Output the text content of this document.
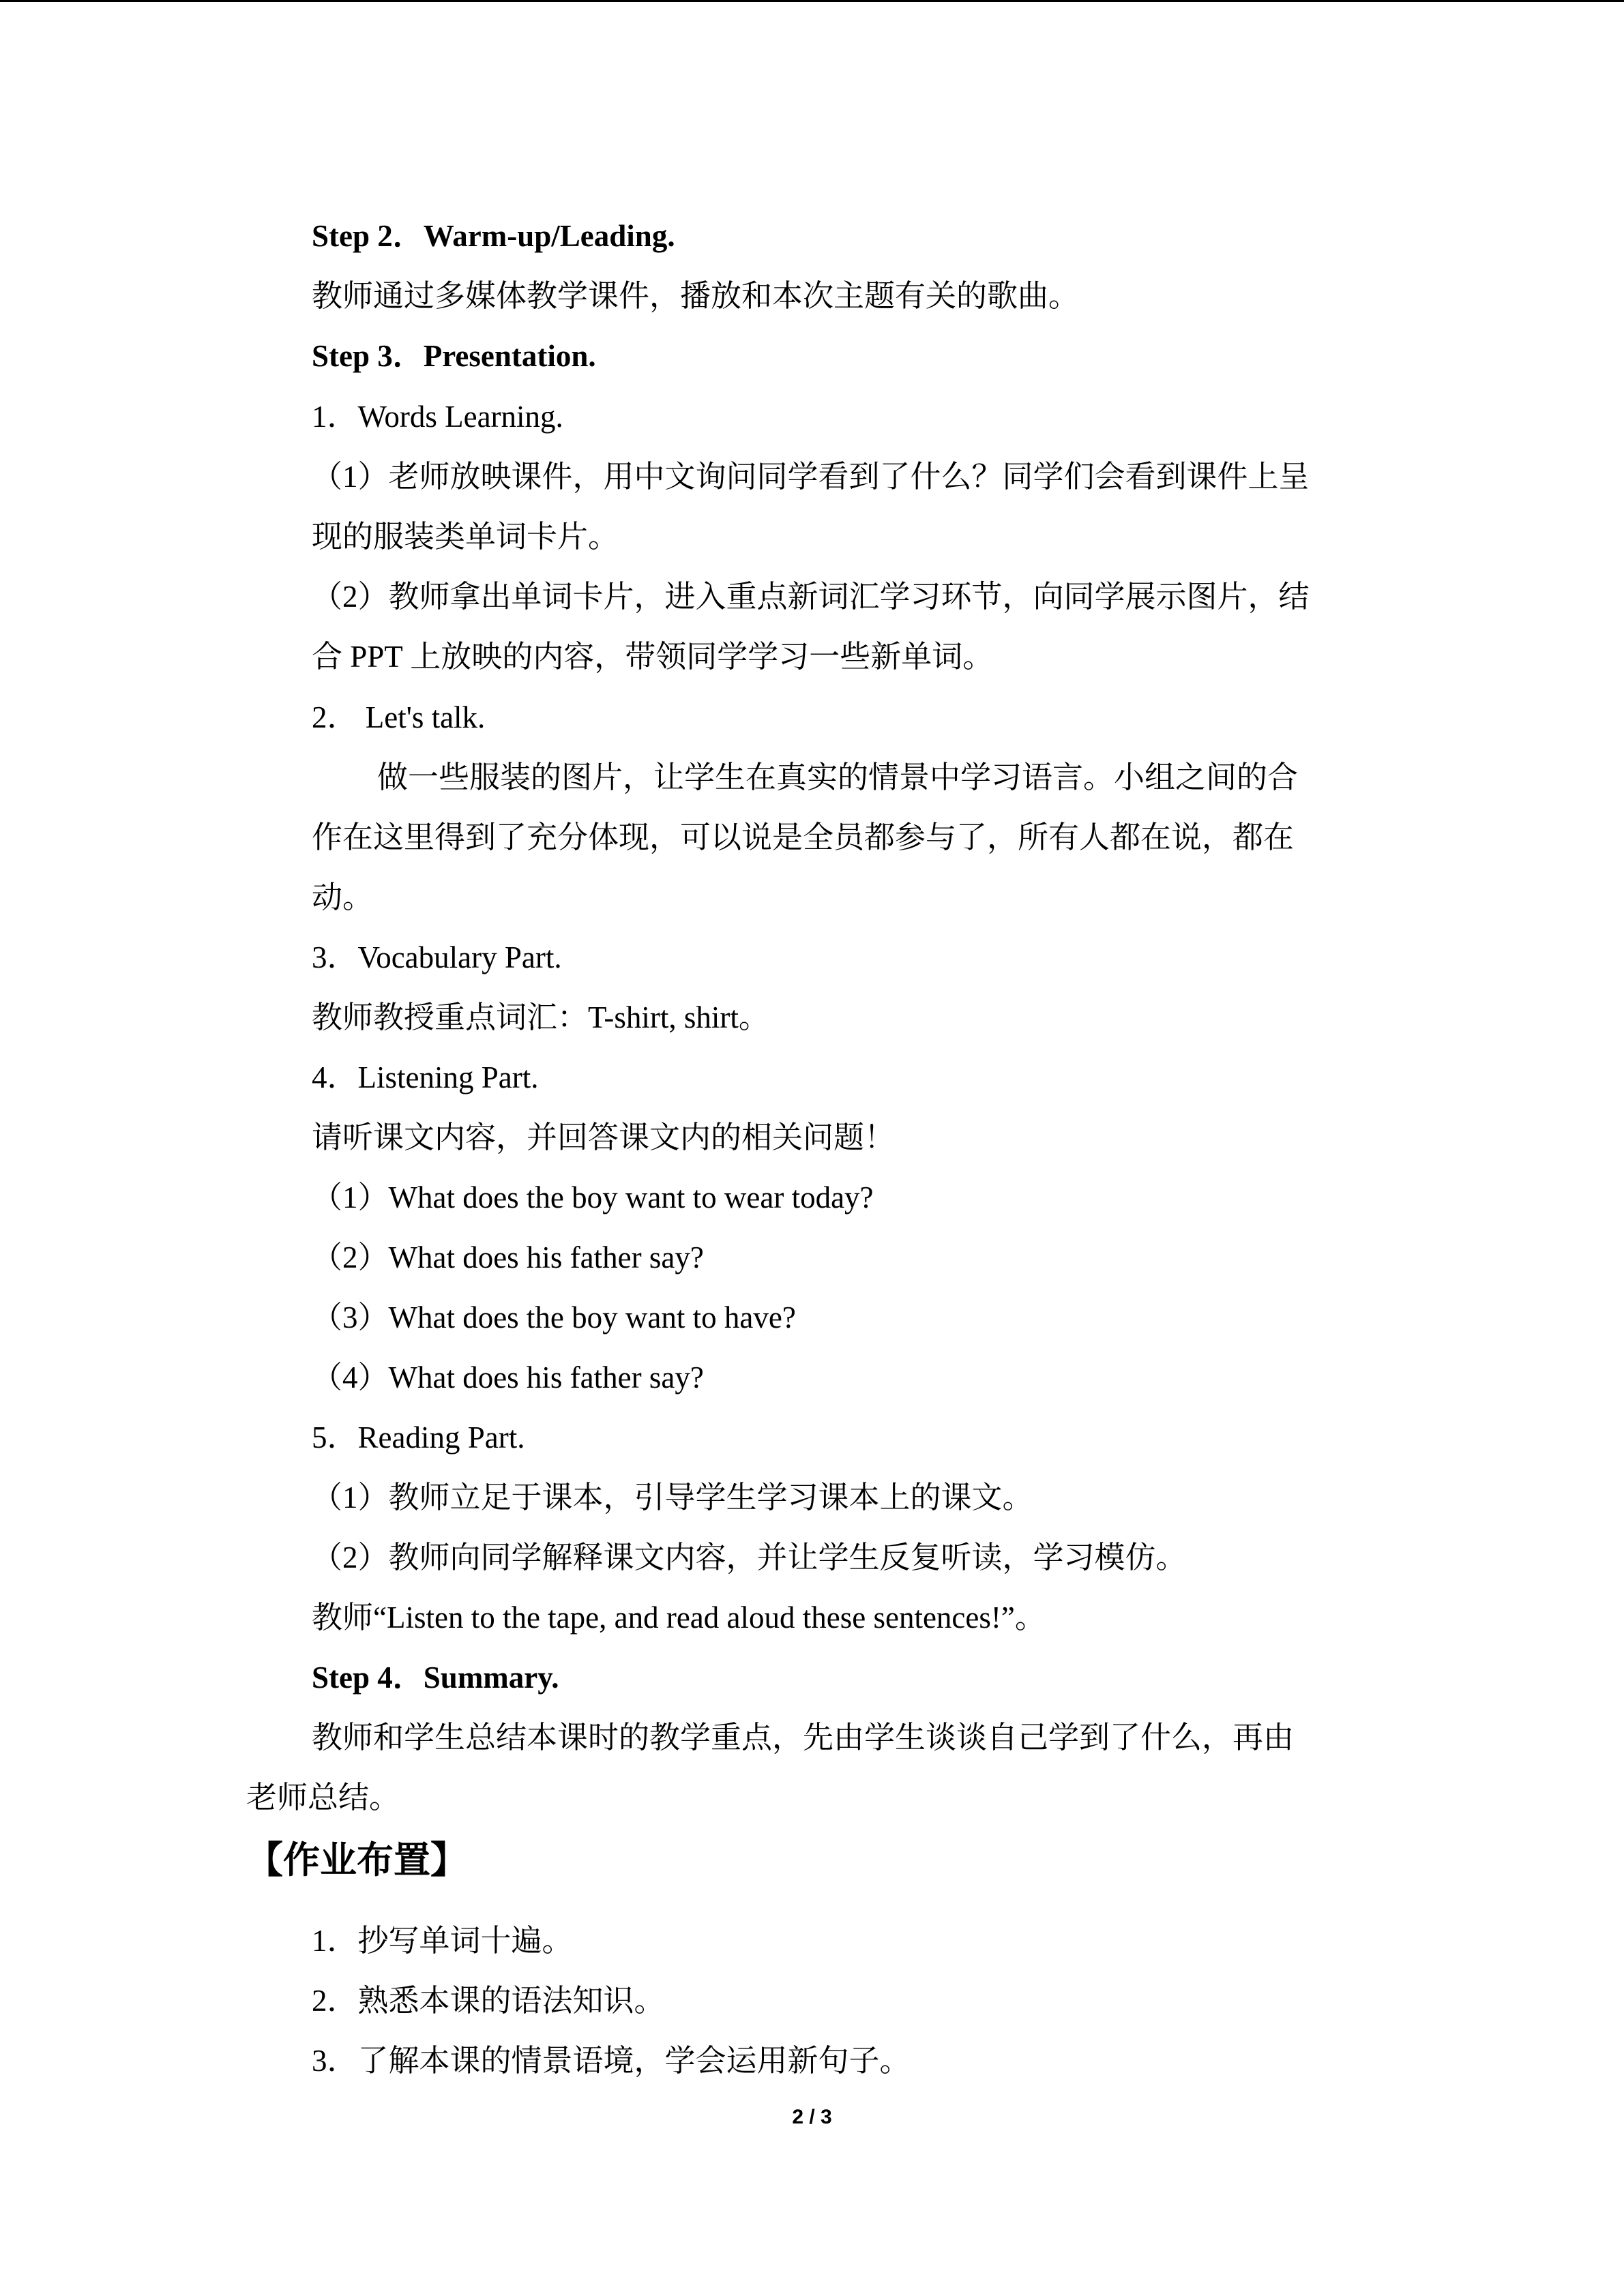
Step 2．Warm-up/Leading.
教师通过多媒体教学课件，播放和本次主题有关的歌曲。
Step 3．Presentation.
1．Words Learning.
（1）老师放映课件，用中文询问同学看到了什么？同学们会看到课件上呈
现的服装类单词卡片。
（2）教师拿出单词卡片，进入重点新词汇学习环节，向同学展示图片，结
合 PPT 上放映的内容，带领同学学习一些新单词。
2． Let's talk.
做一些服装的图片，让学生在真实的情景中学习语言。小组之间的合
作在这里得到了充分体现，可以说是全员都参与了，所有人都在说，都在
动。
3．Vocabulary Part.
教师教授重点词汇：T-shirt, shirt。
4．Listening Part.
请听课文内容，并回答课文内的相关问题！
（1）What does the boy want to wear today?
（2）What does his father say?
（3）What does the boy want to have?
（4）What does his father say?
5．Reading Part.
（1）教师立足于课本，引导学生学习课本上的课文。
（2）教师向同学解释课文内容，并让学生反复听读，学习模仿。
教师“Listen to the tape, and read aloud these sentences!”。
Step 4．Summary.
教师和学生总结本课时的教学重点，先由学生谈谈自己学到了什么，再由
老师总结。
【作业布置】
1．抄写单词十遍。
2．熟悉本课的语法知识。
3．了解本课的情景语境，学会运用新句子。
2 / 3
